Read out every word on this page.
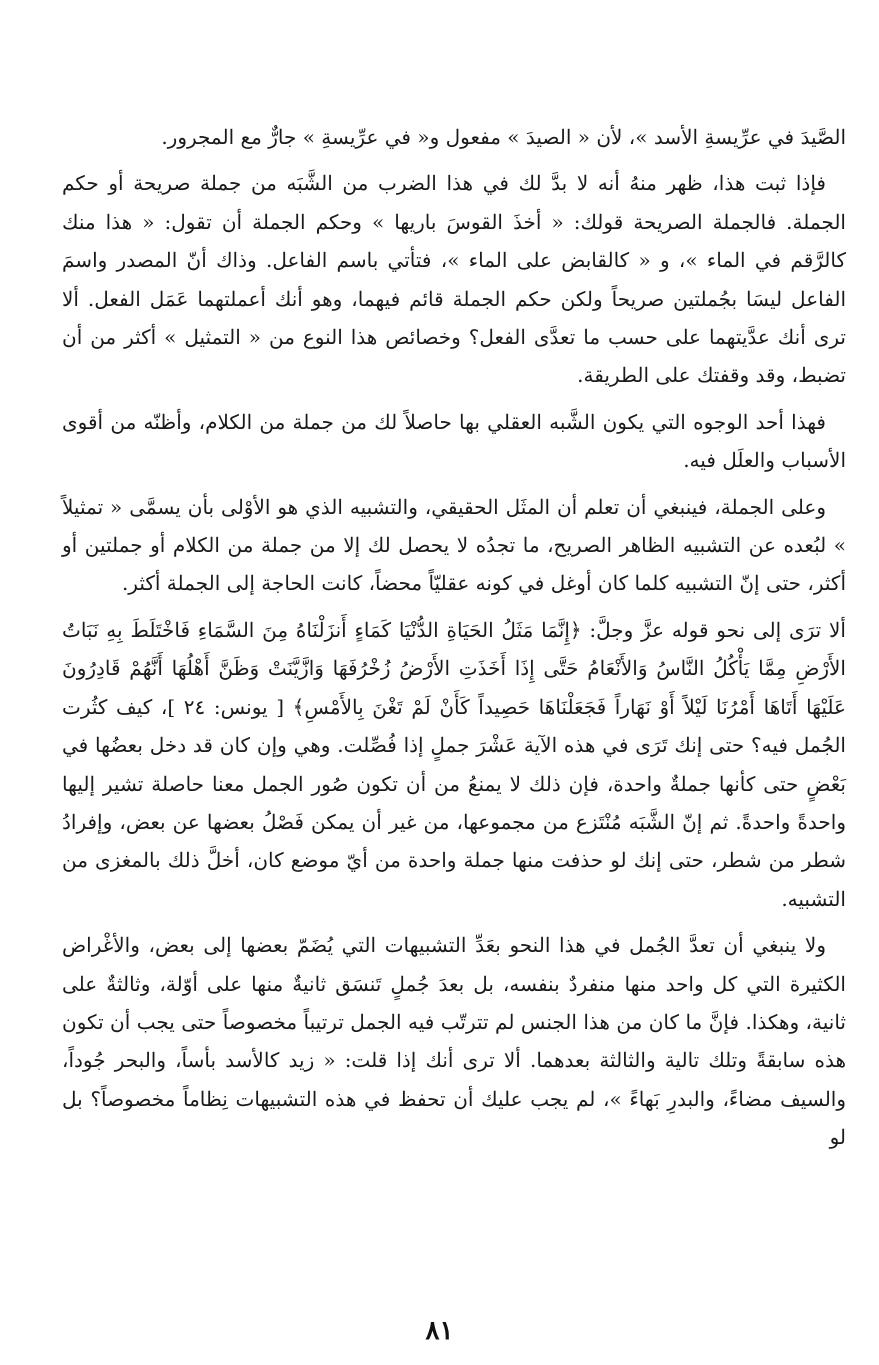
الصَّيدَ في عرِّيسةِ الأسد »، لأن « الصيدَ » مفعول و« في عرِّيسةِ » جارٌّ مع المجرور.

فإذا ثبت هذا، ظهر منهُ أنه لا بدَّ لك في هذا الضرب من الشَّبَه من جملة صريحة أو حكم الجملة. فالجملة الصريحة قولك: « أخذَ القوسَ باريها » وحكم الجملة أن تقول: « هذا منك كالرَّقم في الماء »، و « كالقابض على الماء »، فتأتي باسم الفاعل. وذاك أنّ المصدر واسمَ الفاعل ليسَا بجُملتين صريحاً ولكن حكم الجملة قائم فيهما، وهو أنك أعملتهما عَمَل الفعل. ألا ترى أنك عدَّيتهما على حسب ما تعدَّى الفعل؟ وخصائص هذا النوع من « التمثيل » أكثر من أن تضبط، وقد وقفتك على الطريقة.

فهذا أحد الوجوه التي يكون الشَّبه العقلي بها حاصلاً لك من جملة من الكلام، وأظنّه من أقوى الأسباب والعلَل فيه.

وعلى الجملة، فينبغي أن تعلم أن المثَل الحقيقي، والتشبيه الذي هو الأوْلى بأن يسمَّى « تمثيلاً » لبُعده عن التشبيه الظاهر الصريح، ما تجدُه لا يحصل لك إلا من جملة من الكلام أو جملتين أو أكثر، حتى إنّ التشبيه كلما كان أوغل في كونه عقليّاً محضاً، كانت الحاجة إلى الجملة أكثر.

ألا ترَى إلى نحو قوله عزَّ وجلَّ: ﴿إِنَّمَا مَثَلُ الحَيَاةِ الدُّنْيَا كَمَاءٍ أَنزَلْنَاهُ مِنَ السَّمَاءِ فَاخْتَلَطَ بِهِ نَبَاتُ الأَرْضِ مِمَّا يَأْكُلُ النَّاسُ وَالأَنْعَامُ حَتَّى إِذَا أَخَذَتِ الأَرْضُ زُخْرُفَهَا وَازَّيَّنَتْ وَظَنَّ أَهْلُهَا أَنَّهُمْ قَادِرُونَ عَلَيْهَا أَتَاهَا أَمْرُنَا لَيْلاً أَوْ نَهَاراً فَجَعَلْنَاهَا حَصِيداً كَأَنْ لَمْ تَغْنَ بِالأَمْسِ﴾ [ يونس: ٢٤ ]، كيف كثُرت الجُمل فيه؟ حتى إنك تَرَى في هذه الآية عَشْرَ جملٍ إذا فُصِّلت. وهي وإن كان قد دخل بعضُها في بَعْضٍ حتى كأنها جملةٌ واحدة، فإن ذلك لا يمنعُ من أن تكون صُور الجمل معنا حاصلة تشير إليها واحدةً واحدةً. ثم إنّ الشَّبَه مُنْتَزع من مجموعها، من غير أن يمكن فَصْلُ بعضها عن بعض، وإفرادُ شطر من شطر، حتى إنك لو حذفت منها جملة واحدة من أيّ موضع كان، أخلَّ ذلك بالمغزى من التشبيه.

ولا ينبغي أن تعدَّ الجُمل في هذا النحو بعَدِّ التشبيهات التي يُضَمّ بعضها إلى بعض، والأغْراض الكثيرة التي كل واحد منها منفردٌ بنفسه، بل بعدَ جُملٍ تَنسَق ثانيةٌ منها على أوّلة، وثالثةٌ على ثانية، وهكذا. فإنَّ ما كان من هذا الجنس لم تترتّب فيه الجمل ترتيباً مخصوصاً حتى يجب أن تكون هذه سابقةً وتلك تالية والثالثة بعدهما. ألا ترى أنك إذا قلت: « زيد كالأسد بأساً، والبحر جُوداً، والسيف مضاءً، والبدرِ بَهاءً »، لم يجب عليك أن تحفظ في هذه التشبيهات نِظاماً مخصوصاً؟ بل لو

٨١
